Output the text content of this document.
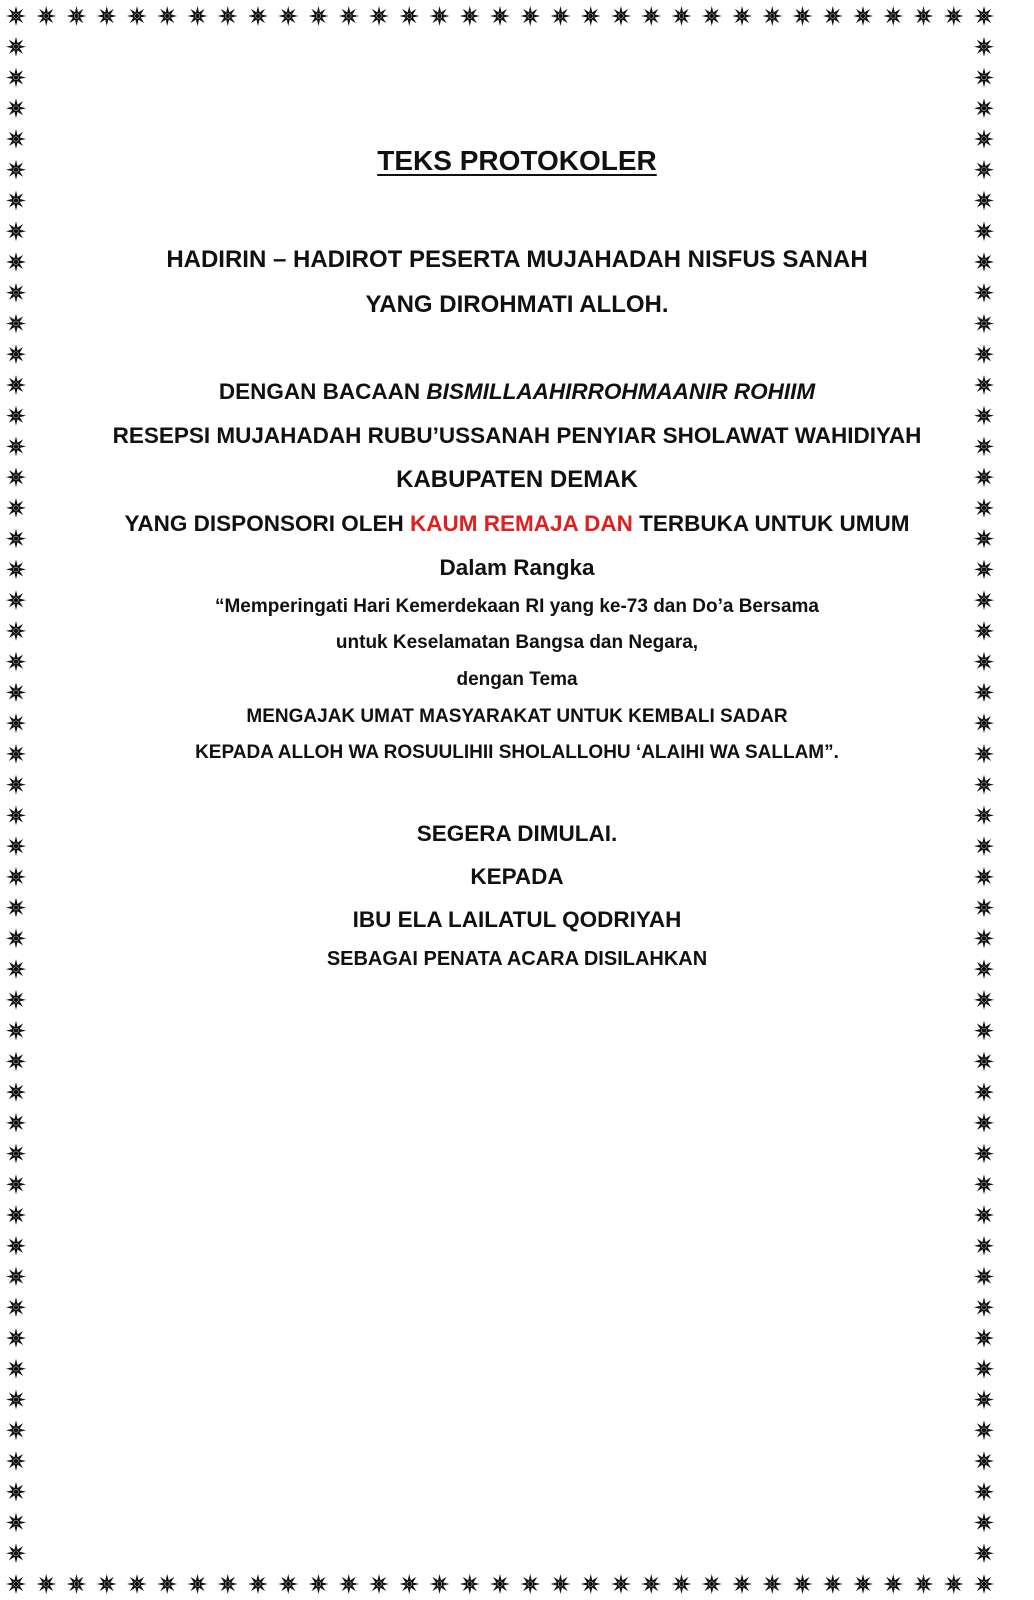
TEKS PROTOKOLER
HADIRIN – HADIROT PESERTA MUJAHADAH NISFUS SANAH
YANG DIROHMATI ALLOH.
DENGAN BACAAN BISMILLAAHIRROHMAANIR ROHIIM
RESEPSI MUJAHADAH RUBU’USSANAH PENYIAR SHOLAWAT WAHIDIYAH
KABUPATEN DEMAK
YANG DISPONSORI OLEH KAUM REMAJA DAN TERBUKA UNTUK UMUM
Dalam Rangka
“Memperingati Hari Kemerdekaan RI yang ke-73 dan Do’a Bersama
untuk Keselamatan Bangsa dan Negara,
dengan Tema
MENGAJAK UMAT MASYARAKAT UNTUK KEMBALI SADAR
KEPADA ALLOH WA ROSUULIHII SHOLALLOHU ‘ALAIHI WA SALLAM”.
SEGERA DIMULAI.
KEPADA
IBU ELA LAILATUL QODRIYAH
SEBAGAI PENATA ACARA DISILAHKAN
